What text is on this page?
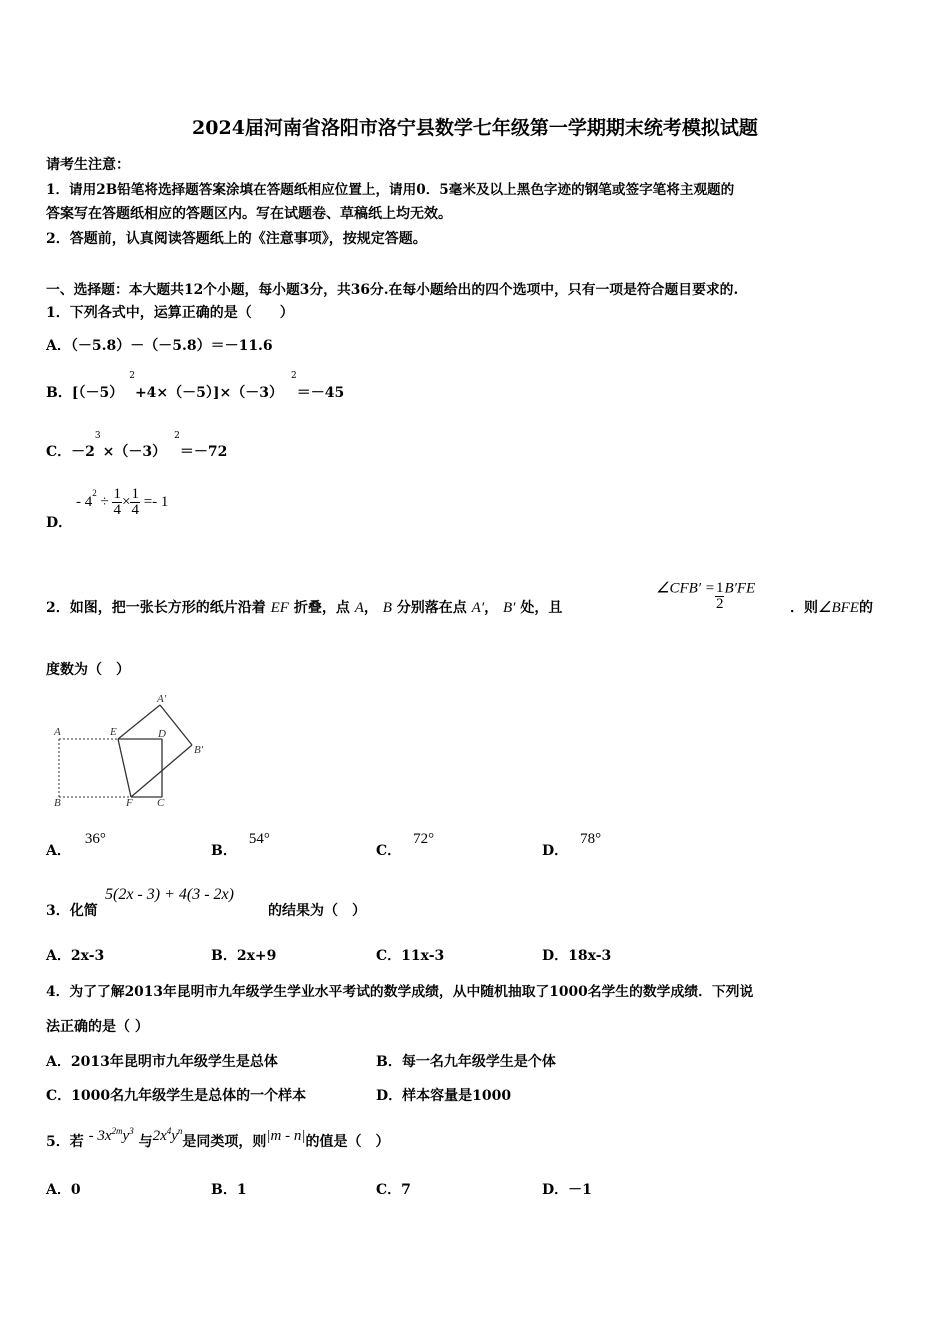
2024届河南省洛阳市洛宁县数学七年级第一学期期末统考模拟试题
请考生注意：
1．请用2B铅笔将选择题答案涂填在答题纸相应位置上，请用0．5毫米及以上黑色字迹的钢笔或签字笔将主观题的
答案写在答题纸相应的答题区内。写在试题卷、草稿纸上均无效。
2．答题前，认真阅读答题纸上的《注意事项》，按规定答题。
一、选择题：本大题共12个小题，每小题3分，共36分.在每小题给出的四个选项中，只有一项是符合题目要求的.
1．下列各式中，运算正确的是（　　）
A．（－5.8）－（－5.8）＝－11.6
B．$[(-5)^2+4\times(-5)]\times(-3)^2=-45$
C．$-2^3\times(-3)^2=-72$
D．
- $4^2 \div \frac{1}{4} \times \frac{1}{4} =- 1$
2．如图，把一张长方形的纸片沿着 EF 折叠，点 A， B 分别落在点 A′， B′ 处，且
∠CFB′ = $\frac{1}{2} B'FE$
．则∠BFE的
度数为（　）
A
B
E	D
F C
A′
B′
A．36°
B．54°
C．72°
D．78°
3．化简
5(2x - 3) + 4(3 - 2x)
的结果为（　）
A．2x-3	B．2x+9	C．11x-3	D．18x-3
4．为了了解2013年昆明市九年级学生学业水平考试的数学成绩，从中随机抽取了1000名学生的数学成绩．下列说
法正确的是（ ）
A．2013年昆明市九年级学生是总体	B．每一名九年级学生是个体
C．1000名九年级学生是总体的一个样本	D．样本容量是1000
5．若 - $3x^{2m}y^3$ 与$2x^4y^n$是同类项，则|m - n|的值是（　）
A．0	B．1	C．7	D．－1
